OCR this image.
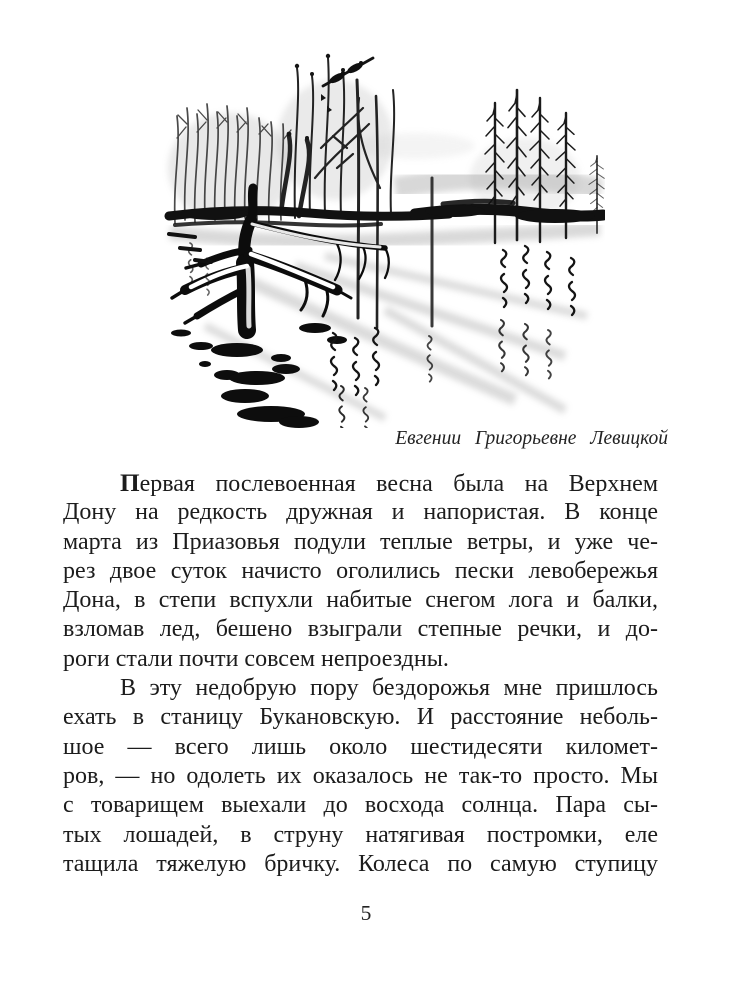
Евгении Григорьевне Левицкой
Первая послевоенная весна была на Верхнем
Дону на редкость дружная и напористая. В конце
марта из Приазовья подули теплые ветры, и уже че-
рез двое суток начисто оголились пески левобережья
Дона, в степи вспухли набитые снегом лога и балки,
взломав лед, бешено взыграли степные речки, и до-
роги стали почти совсем непроездны.
В эту недобрую пору бездорожья мне пришлось
ехать в станицу Букановскую. И расстояние неболь-
шое — всего лишь около шестидесяти километ-
ров, — но одолеть их оказалось не так-то просто. Мы
с товарищем выехали до восхода солнца. Пара сы-
тых лошадей, в струну натягивая постромки, еле
тащила тяжелую бричку. Колеса по самую ступицу
5
